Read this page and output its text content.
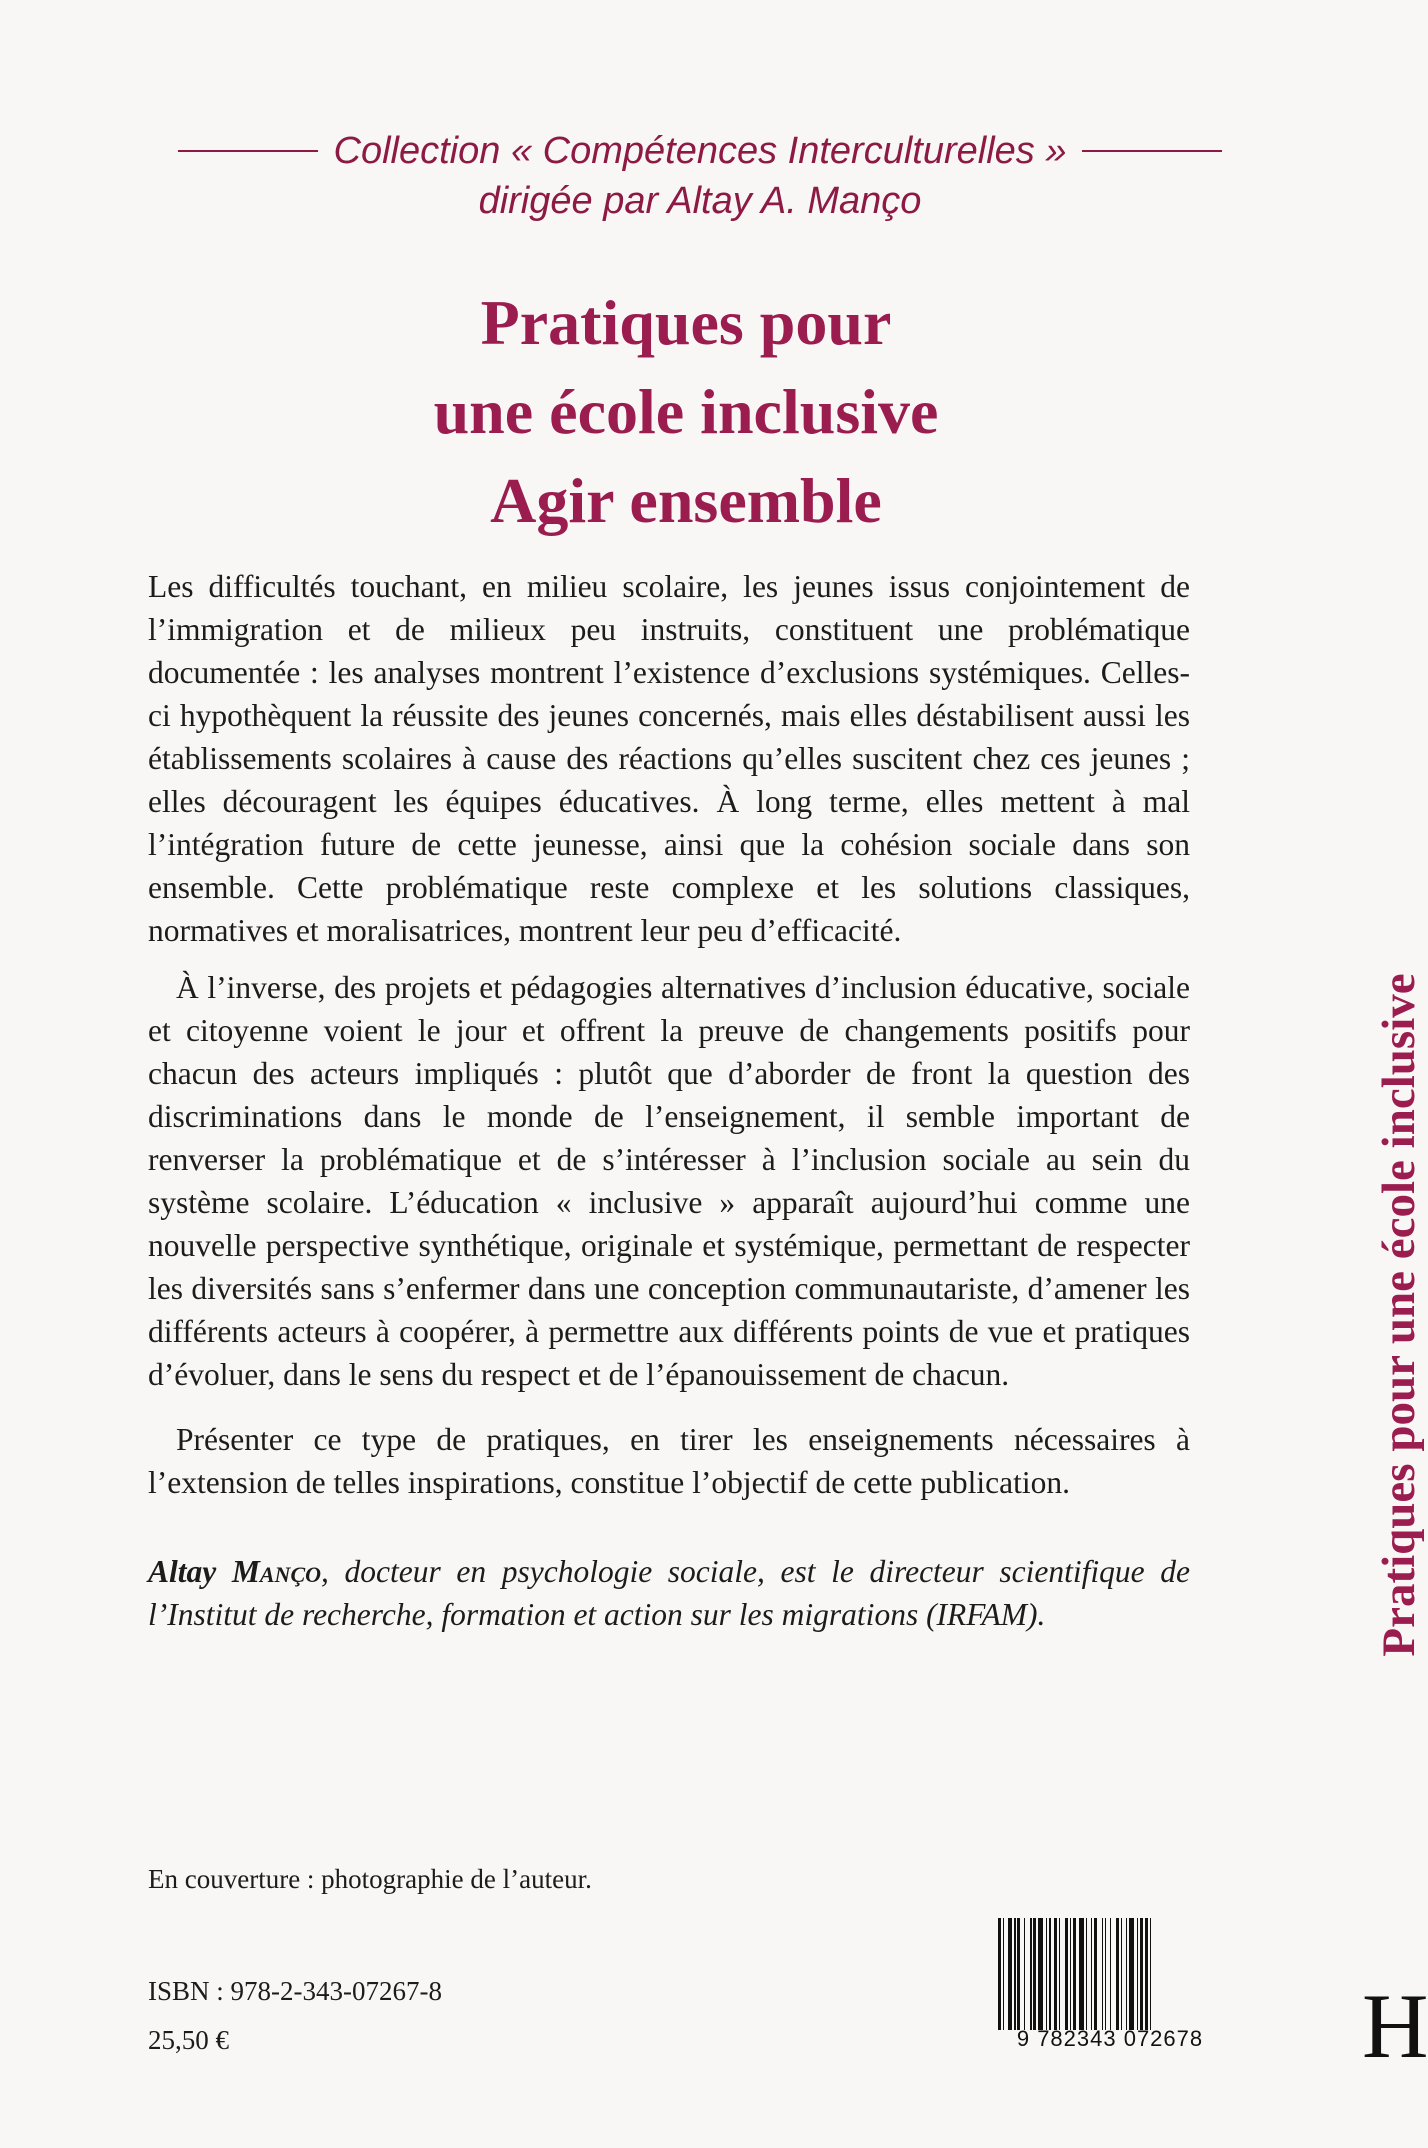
Collection « Compétences Interculturelles »
dirigée par Altay A. Manço
Pratiques pour
une école inclusive
Agir ensemble

Les difficultés touchant, en milieu scolaire, les jeunes issus conjointement de l’immigration et de milieux peu instruits, constituent une problématique documentée : les analyses montrent l’existence d’exclusions systémiques. Celles-ci hypothèquent la réussite des jeunes concernés, mais elles déstabilisent aussi les établissements scolaires à cause des réactions qu’elles suscitent chez ces jeunes ; elles découragent les équipes éducatives. À long terme, elles mettent à mal l’intégration future de cette jeunesse, ainsi que la cohésion sociale dans son ensemble. Cette problématique reste complexe et les solutions classiques, normatives et moralisatrices, montrent leur peu d’efficacité.

À l’inverse, des projets et pédagogies alternatives d’inclusion éducative, sociale et citoyenne voient le jour et offrent la preuve de changements positifs pour chacun des acteurs impliqués : plutôt que d’aborder de front la question des discriminations dans le monde de l’enseignement, il semble important de renverser la problématique et de s’intéresser à l’inclusion sociale au sein du système scolaire. L’éducation « inclusive » apparaît aujourd’hui comme une nouvelle perspective synthétique, originale et systémique, permettant de respecter les diversités sans s’enfermer dans une conception communautariste, d’amener les différents acteurs à coopérer, à permettre aux différents points de vue et pratiques d’évoluer, dans le sens du respect et de l’épanouissement de chacun.

Présenter ce type de pratiques, en tirer les enseignements nécessaires à l’extension de telles inspirations, constitue l’objectif de cette publication.

Altay Manço, docteur en psychologie sociale, est le directeur scientifique de l’Institut de recherche, formation et action sur les migrations (IRFAM).	Pratiques pour une école inclusive
En couverture : photographie de l’auteur.
ISBN : 978-2-343-07267-8
25,50 €	9 782343 072678 H
